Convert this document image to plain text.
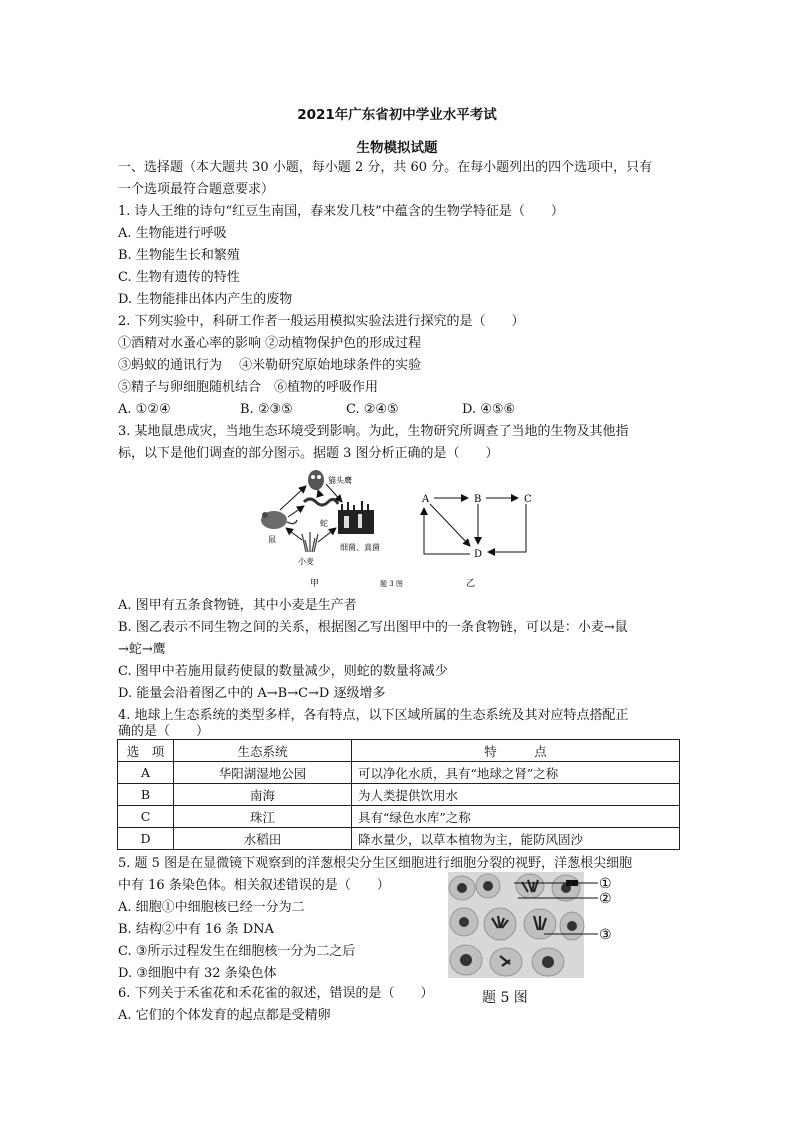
2021年广东省初中学业水平考试
生物模拟试题
一、选择题（本大题共 30 小题，每小题 2 分，共 60 分。在每小题列出的四个选项中，只有
一个选项最符合题意要求）
1. 诗人王维的诗句“红豆生南国，春来发几枝”中蕴含的生物学特征是（　　）
A. 生物能进行呼吸
B. 生物能生长和繁殖
C. 生物有遗传的特性
D. 生物能排出体内产生的废物
2. 下列实验中，科研工作者一般运用模拟实验法进行探究的是（　　）
①酒精对水蚤心率的影响 ②动植物保护色的形成过程
③蚂蚁的通讯行为　 ④米勒研究原始地球条件的实验
⑤精子与卵细胞随机结合　⑥植物的呼吸作用
A. ①②④	B. ②③⑤	C. ②④⑤	D. ④⑤⑥
3. 某地鼠患成灾，当地生态环境受到影响。为此，生物研究所调查了当地的生物及其他指
标，以下是他们调查的部分图示。据题 3 图分析正确的是（　　）
猫头鹰
蛇
鼠
小麦
细菌、真菌
甲	题 3 图
A	B	C
D
乙
A. 图甲有五条食物链，其中小麦是生产者
B. 图乙表示不同生物之间的关系，根据图乙写出图甲中的一条食物链，可以是：小麦→鼠
→蛇→鹰
C. 图甲中若施用鼠药使鼠的数量减少，则蛇的数量将减少
D. 能量会沿着图乙中的 A→B→C→D 逐级增多
4. 地球上生态系统的类型多样，各有特点，以下区域所属的生态系统及其对应特点搭配正
选　项	生态系统	特　　　点
A	华阳湖湿地公园	可以净化水质，具有“地球之肾”之称
B	南海	为人类提供饮用水
C	珠江	具有“绿色水库”之称
D	水稻田	降水量少，以草本植物为主，能防风固沙
5. 题 5 图是在显微镜下观察到的洋葱根尖分生区细胞进行细胞分裂的视野，洋葱根尖细胞
中有 16 条染色体。相关叙述错误的是（　　）
A. 细胞①中细胞核已经一分为二
B. 结构②中有 16 条 DNA
C. ③所示过程发生在细胞核一分为二之后
D. ③细胞中有 32 条染色体
①
②
③
题 5 图
6. 下列关于禾雀花和禾花雀的叙述，错误的是（　　）
A. 它们的个体发育的起点都是受精卵
确的是（　　）
